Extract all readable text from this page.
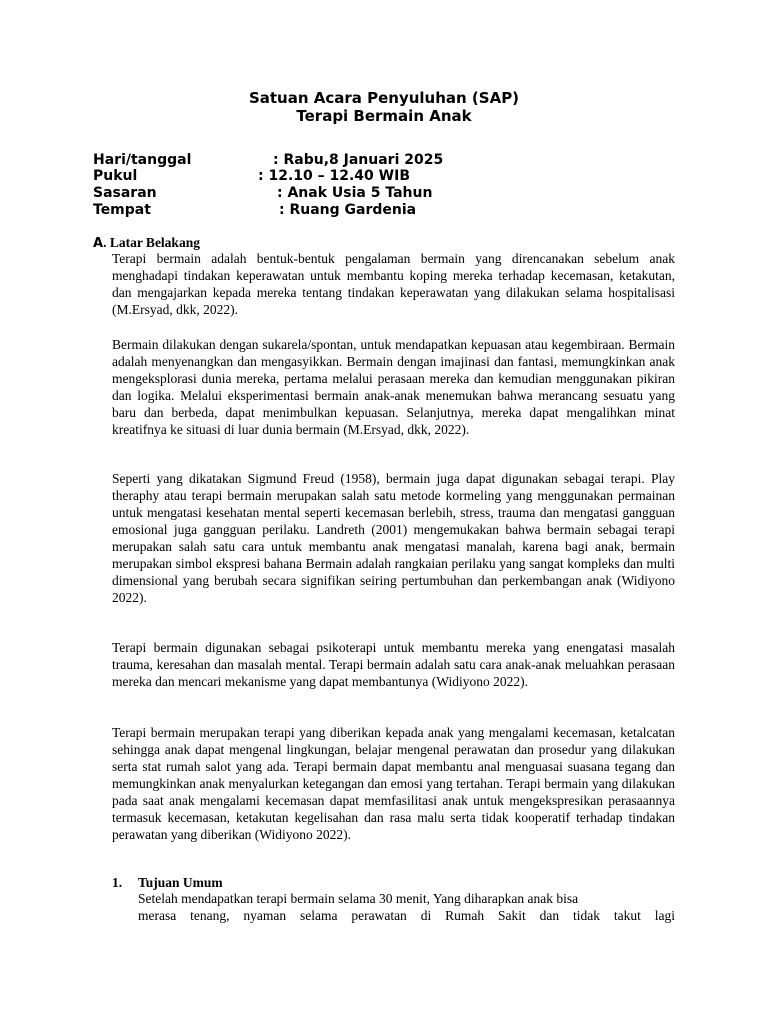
Satuan Acara Penyuluhan (SAP)
Terapi Bermain Anak
Hari/tanggal	: Rabu,8 Januari 2025
Pukul	: 12.10 – 12.40 WIB
Sasaran	: Anak Usia 5 Tahun
Tempat	: Ruang Gardenia
A. Latar Belakang

Terapi bermain adalah bentuk-bentuk pengalaman bermain yang direncanakan sebelum anak menghadapi tindakan keperawatan untuk membantu koping mereka terhadap kecemasan, ketakutan, dan mengajarkan kepada mereka tentang tindakan keperawatan yang dilakukan selama hospitalisasi (M.Ersyad, dkk, 2022).

Bermain dilakukan dengan sukarela/spontan, untuk mendapatkan kepuasan atau kegembiraan. Bermain adalah menyenangkan dan mengasyikkan. Bermain dengan imajinasi dan fantasi, memungkinkan anak mengeksplorasi dunia mereka, pertama melalui perasaan mereka dan kemudian menggunakan pikiran dan logika. Melalui eksperimentasi bermain anak-anak menemukan bahwa merancang sesuatu yang baru dan berbeda, dapat menimbulkan kepuasan. Selanjutnya, mereka dapat mengalihkan minat kreatifnya ke situasi di luar dunia bermain (M.Ersyad, dkk, 2022).

Seperti yang dikatakan Sigmund Freud (1958), bermain juga dapat digunakan sebagai terapi. Play theraphy atau terapi bermain merupakan salah satu metode kormeling yang menggunakan permainan untuk mengatasi kesehatan mental seperti kecemasan berlebih, stress, trauma dan mengatasi gangguan emosional juga gangguan perilaku. Landreth (2001) mengemukakan bahwa bermain sebagai terapi merupakan salah satu cara untuk membantu anak mengatasi manalah, karena bagi anak, bermain merupakan simbol ekspresi bahana Bermain adalah rangkaian perilaku yang sangat kompleks dan multi dimensional yang berubah secara signifikan seiring pertumbuhan dan perkembangan anak (Widiyono 2022).

Terapi bermain digunakan sebagai psikoterapi untuk membantu mereka yang enengatasi masalah trauma, keresahan dan masalah mental. Terapi bermain adalah satu cara anak-anak meluahkan perasaan mereka dan mencari mekanisme yang dapat membantunya (Widiyono 2022).

Terapi bermain merupakan terapi yang diberikan kepada anak yang mengalami kecemasan, ketalcatan sehingga anak dapat mengenal lingkungan, belajar mengenal perawatan dan prosedur yang dilakukan serta stat rumah salot yang ada. Terapi bermain dapat membantu anal menguasai suasana tegang dan memungkinkan anak menyalurkan ketegangan dan emosi yang tertahan. Terapi bermain yang dilakukan pada saat anak mengalami kecemasan dapat memfasilitasi anak untuk mengekspresikan perasaannya termasuk kecemasan, ketakutan kegelisahan dan rasa malu serta tidak kooperatif terhadap tindakan perawatan yang diberikan (Widiyono 2022).

1. Tujuan Umum
Setelah mendapatkan terapi bermain selama 30 menit, Yang diharapkan anak bisa
merasa tenang, nyaman selama perawatan di Rumah Sakit dan tidak takut lagi
